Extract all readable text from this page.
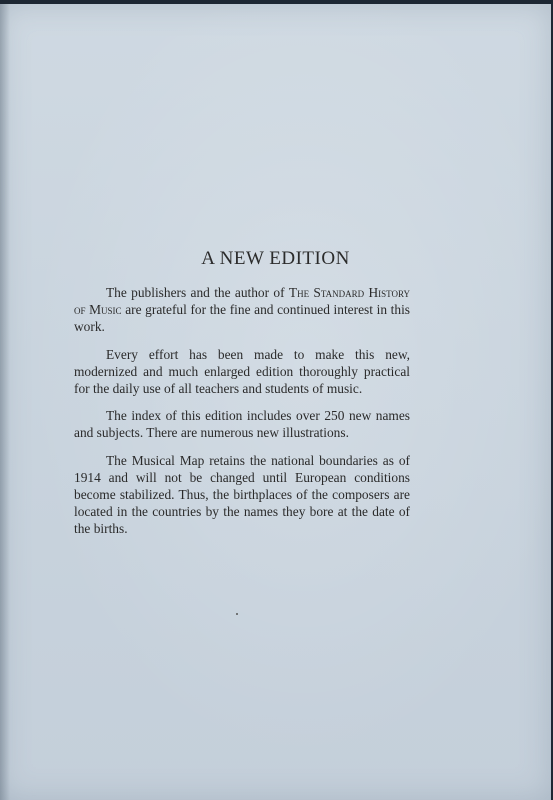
A NEW EDITION

The publishers and the author of The Standard History of Music are grateful for the fine and continued interest in this work.

Every effort has been made to make this new, modernized and much enlarged edition thoroughly practical for the daily use of all teachers and students of music.

The index of this edition includes over 250 new names and subjects. There are numerous new illustrations.

The Musical Map retains the national boundaries as of 1914 and will not be changed until European conditions become stabilized. Thus, the birthplaces of the composers are located in the countries by the names they bore at the date of the births.
